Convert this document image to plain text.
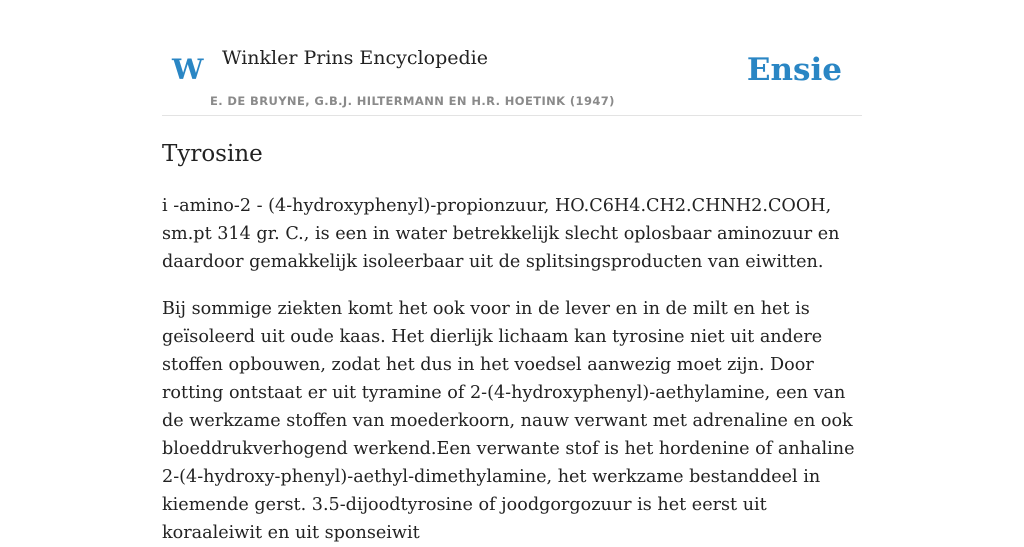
W Winkler Prins Encyclopedie
E. DE BRUYNE, G.B.J. HILTERMANN EN H.R. HOETINK (1947)
Ensie
Tyrosine

i -amino-2 - (4-hydroxyphenyl)-propionzuur, HO.C6H4.CH2.CHNH2.COOH, sm.pt 314 gr. C., is een in water betrekkelijk slecht oplosbaar aminozuur en daardoor gemakkelijk isoleerbaar uit de splitsingsproducten van eiwitten.

Bij sommige ziekten komt het ook voor in de lever en in de milt en het is geïsoleerd uit oude kaas. Het dierlijk lichaam kan tyrosine niet uit andere stoffen opbouwen, zodat het dus in het voedsel aanwezig moet zijn. Door rotting ontstaat er uit tyramine of 2-(4-hydroxyphenyl)-aethylamine, een van de werkzame stoffen van moederkoorn, nauw verwant met adrenaline en ook bloeddrukverhogend werkend.Een verwante stof is het hordenine of anhaline 2-(4-hydroxy-phenyl)-aethyl-dimethylamine, het werkzame bestanddeel in kiemende gerst. 3.5-dijoodtyrosine of joodgorgozuur is het eerst uit koraaleiwit en uit sponseiwit
